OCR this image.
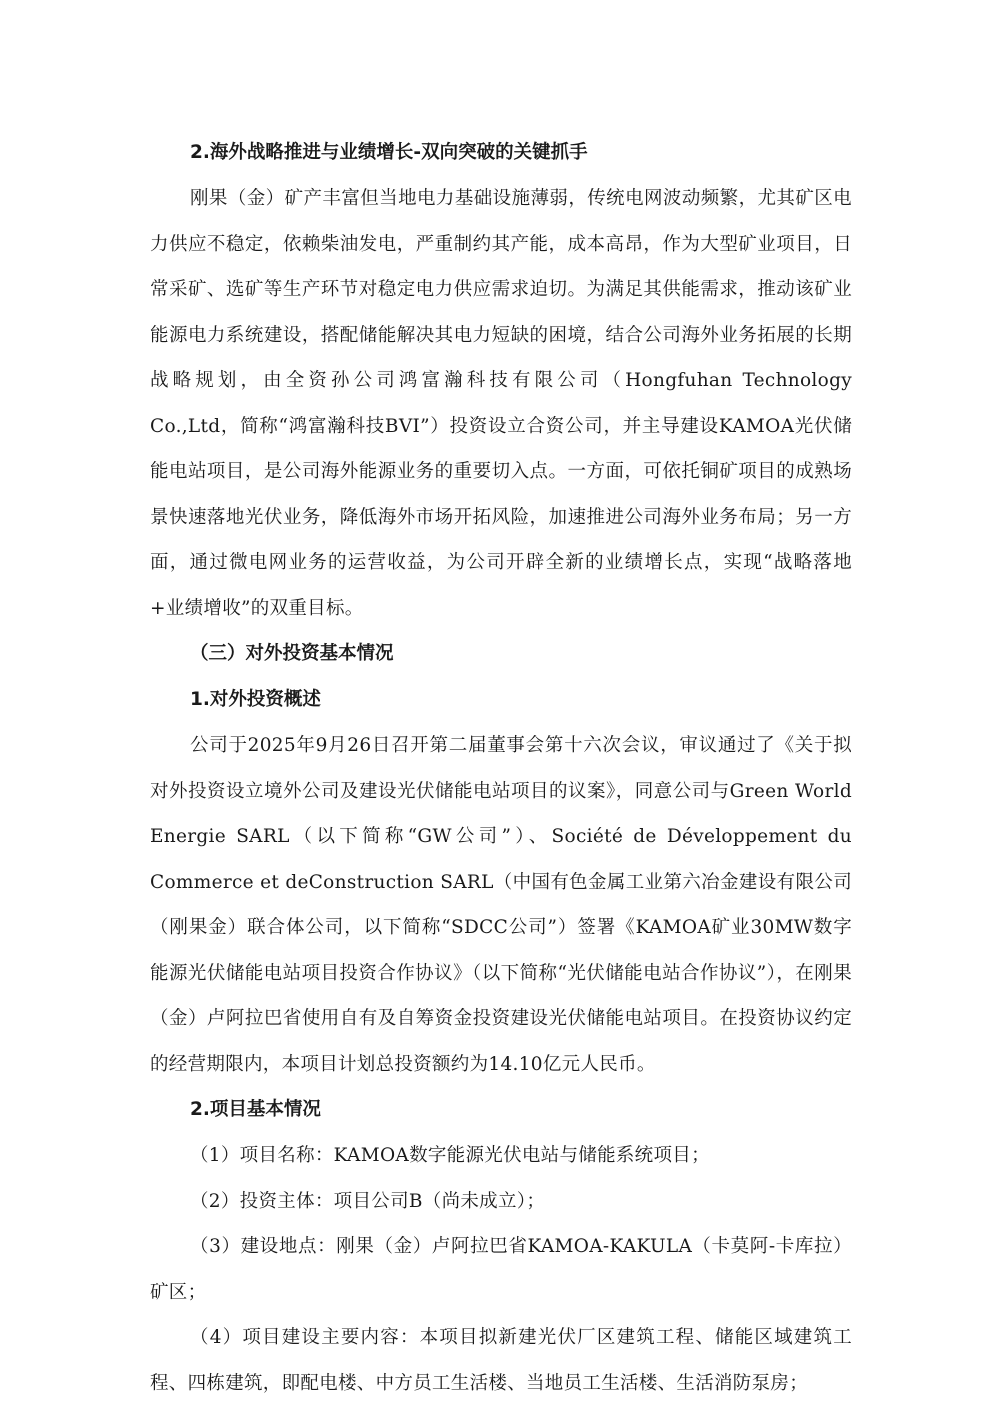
2.海外战略推进与业绩增长-双向突破的关键抓手

刚果（金）矿产丰富但当地电力基础设施薄弱，传统电网波动频繁，尤其矿区电力供应不稳定，依赖柴油发电，严重制约其产能，成本高昂，作为大型矿业项目，日常采矿、选矿等生产环节对稳定电力供应需求迫切。为满足其供能需求，推动该矿业能源电力系统建设，搭配储能解决其电力短缺的困境，结合公司海外业务拓展的长期战略规划，由全资孙公司鸿富瀚科技有限公司（Hongfuhan Technology Co.,Ltd，简称“鸿富瀚科技BVI”）投资设立合资公司，并主导建设KAMOA光伏储能电站项目，是公司海外能源业务的重要切入点。一方面，可依托铜矿项目的成熟场景快速落地光伏业务，降低海外市场开拓风险，加速推进公司海外业务布局；另一方面，通过微电网业务的运营收益，为公司开辟全新的业绩增长点，实现“战略落地+业绩增收”的双重目标。

（三）对外投资基本情况

1.对外投资概述

公司于2025年9月26日召开第二届董事会第十六次会议，审议通过了《关于拟对外投资设立境外公司及建设光伏储能电站项目的议案》，同意公司与Green World Energie SARL（以下简称“GW公司”）、Société de Développement du Commerce et deConstruction SARL（中国有色金属工业第六冶金建设有限公司（刚果金）联合体公司，以下简称“SDCC公司”）签署《KAMOA矿业30MW数字能源光伏储能电站项目投资合作协议》（以下简称“光伏储能电站合作协议”），在刚果（金）卢阿拉巴省使用自有及自筹资金投资建设光伏储能电站项目。在投资协议约定的经营期限内，本项目计划总投资额约为14.10亿元人民币。

2.项目基本情况

（1）项目名称：KAMOA数字能源光伏电站与储能系统项目；

（2）投资主体：项目公司B（尚未成立）；

（3）建设地点：刚果（金）卢阿拉巴省KAMOA-KAKULA（卡莫阿-卡库拉）矿区；

（4）项目建设主要内容：本项目拟新建光伏厂区建筑工程、储能区域建筑工程、四栋建筑，即配电楼、中方员工生活楼、当地员工生活楼、生活消防泵房；
